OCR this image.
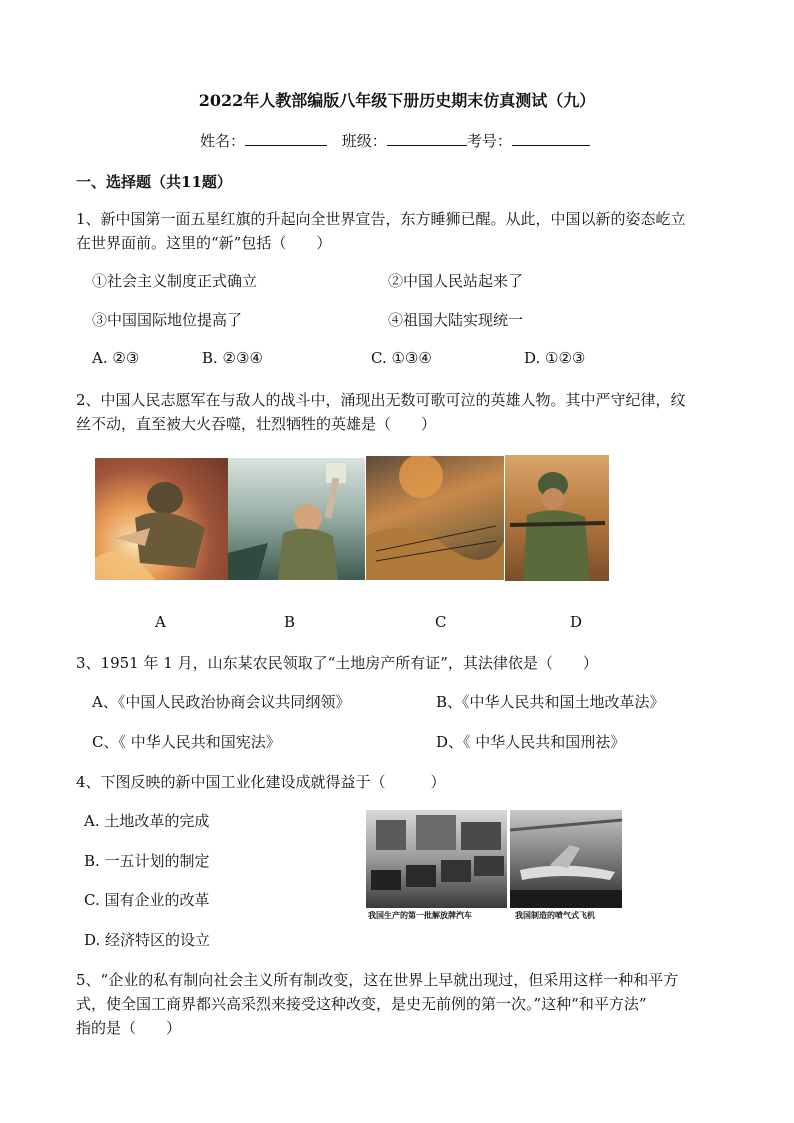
2022年人教部编版八年级下册历史期末仿真测试（九）
姓名：	班级：	考号：
一、选择题（共11题）
1、新中国第一面五星红旗的升起向全世界宣告，东方睡狮已醒。从此，中国以新的姿态屹立
在世界面前。这里的“新”包括（　　）
①社会主义制度正式确立	②中国人民站起来了
③中国国际地位提高了	④祖国大陆实现统一
A. ②③	B. ②③④	C. ①③④	D. ①②③
2、中国人民志愿军在与敌人的战斗中，涌现出无数可歌可泣的英雄人物。其中严守纪律，纹
丝不动，直至被大火吞噬，壮烈牺牲的英雄是（　　）
A	B	C	D
3、1951 年 1 月，山东某农民领取了“土地房产所有证”，其法律依是（　　）
A、《中国人民政治协商会议共同纲领》	B、《中华人民共和国土地改革法》
C、《 中华人民共和国宪法》	D、《 中华人民共和国刑祛》
4、下图反映的新中国工业化建设成就得益于（　　　）
A. 土地改革的完成
B. 一五计划的制定
C. 国有企业的改革
D. 经济特区的设立
我国生产的第一批解放牌汽车	我国制造的喷气式飞机
5、“企业的私有制向社会主义所有制改变，这在世界上早就出现过，但采用这样一种和平方
式，使全国工商界都兴高采烈来接受这种改变，是史无前例的第一次。”这种“和平方法”
指的是（　　）
